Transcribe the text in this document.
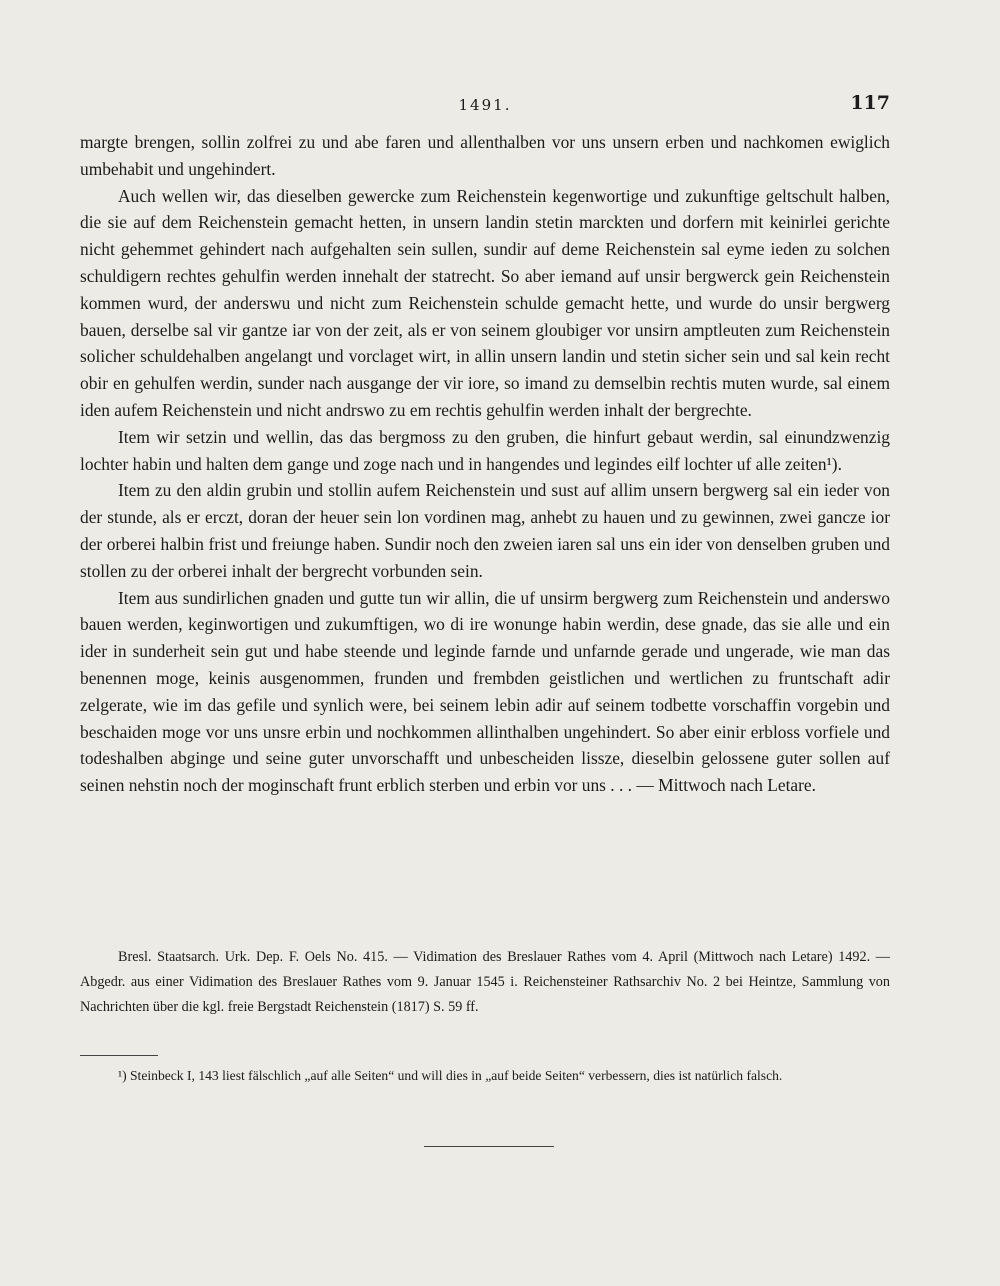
1491.	117

margte brengen, sollin zolfrei zu und abe faren und allenthalben vor uns unsern erben und nachkomen ewiglich umbehabit und ungehindert.

Auch wellen wir, das dieselben gewercke zum Reichenstein kegenwortige und zukunftige geltschult halben, die sie auf dem Reichenstein gemacht hetten, in unsern landin stetin marckten und dorfern mit keinirlei gerichte nicht gehemmet gehindert nach aufgehalten sein sullen, sundir auf deme Reichenstein sal eyme ieden zu solchen schuldigern rechtes gehulfin werden innehalt der statrecht. So aber iemand auf unsir bergwerck gein Reichenstein kommen wurd, der anderswu und nicht zum Reichenstein schulde gemacht hette, und wurde do unsir bergwerg bauen, derselbe sal vir gantze iar von der zeit, als er von seinem gloubiger vor unsirn amptleuten zum Reichenstein solicher schuldehalben angelangt und vorclaget wirt, in allin unsern landin und stetin sicher sein und sal kein recht obir en gehulfen werdin, sunder nach ausgange der vir iore, so imand zu demselbin rechtis muten wurde, sal einem iden aufem Reichenstein und nicht andrswo zu em rechtis gehulfin werden inhalt der bergrechte.

Item wir setzin und wellin, das das bergmoss zu den gruben, die hinfurt gebaut werdin, sal einundzwenzig lochter habin und halten dem gange und zoge nach und in hangendes und legindes eilf lochter uf alle zeiten¹).

Item zu den aldin grubin und stollin aufem Reichenstein und sust auf allim unsern bergwerg sal ein ieder von der stunde, als er erczt, doran der heuer sein lon vordinen mag, anhebt zu hauen und zu gewinnen, zwei gancze ior der orberei halbin frist und freiunge haben. Sundir noch den zweien iaren sal uns ein ider von denselben gruben und stollen zu der orberei inhalt der bergrecht vorbunden sein.

Item aus sundirlichen gnaden und gutte tun wir allin, die uf unsirm bergwerg zum Reichenstein und anderswo bauen werden, keginwortigen und zukumftigen, wo di ire wonunge habin werdin, dese gnade, das sie alle und ein ider in sunderheit sein gut und habe steende und leginde farnde und unfarnde gerade und ungerade, wie man das benennen moge, keinis ausgenommen, frunden und frembden geistlichen und wertlichen zu fruntschaft adir zelgerate, wie im das gefile und synlich were, bei seinem lebin adir auf seinem todbette vorschaffin vorgebin und beschaiden moge vor uns unsre erbin und nochkommen allinthalben ungehindert. So aber einir erbloss vorfiele und todeshalben abginge und seine guter unvorschafft und unbescheiden lissze, dieselbin gelossene guter sollen auf seinen nehstin noch der moginschaft frunt erblich sterben und erbin vor uns . . . — Mittwoch nach Letare.

Bresl. Staatsarch. Urk. Dep. F. Oels No. 415. — Vidimation des Breslauer Rathes vom 4. April (Mittwoch nach Letare) 1492. — Abgedr. aus einer Vidimation des Breslauer Rathes vom 9. Januar 1545 i. Reichensteiner Rathsarchiv No. 2 bei Heintze, Sammlung von Nachrichten über die kgl. freie Bergstadt Reichenstein (1817) S. 59 ff.

¹) Steinbeck I, 143 liest fälschlich „auf alle Seiten“ und will dies in „auf beide Seiten“ verbessern, dies ist natürlich falsch.
